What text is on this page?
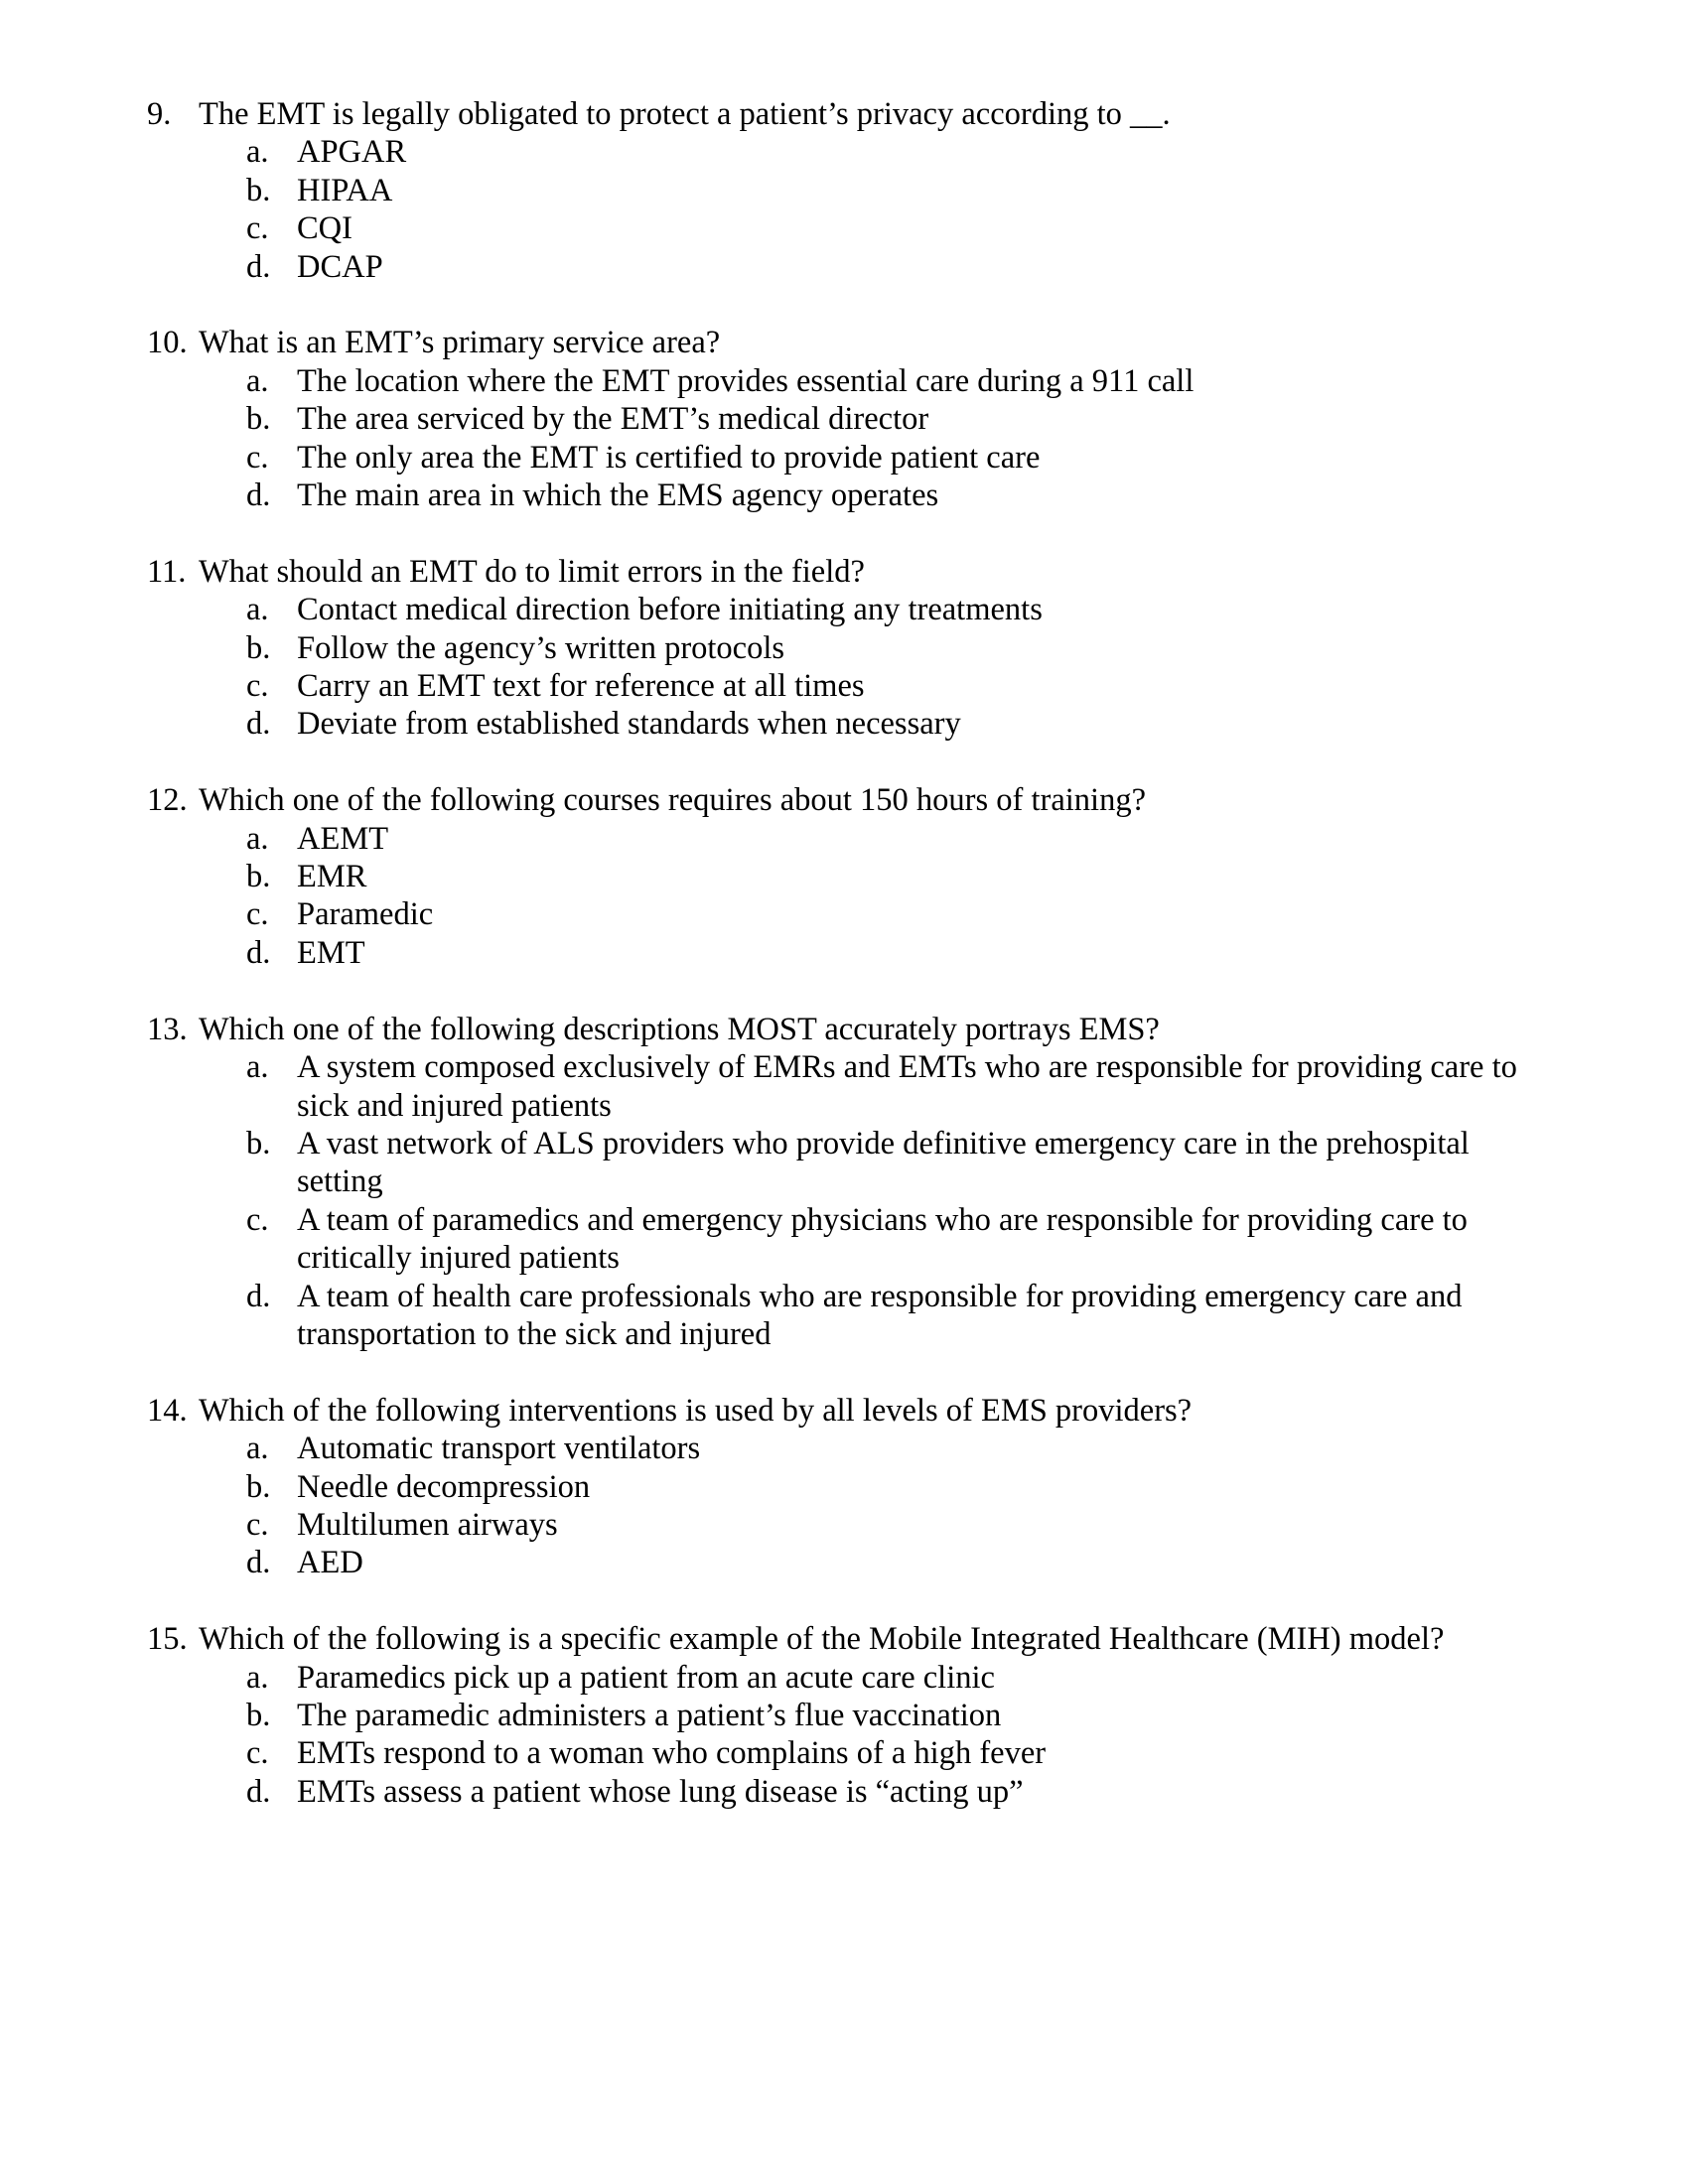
9. The EMT is legally obligated to protect a patient’s privacy according to __.
a. APGAR
b. HIPAA
c. CQI
d. DCAP
10. What is an EMT’s primary service area?
a. The location where the EMT provides essential care during a 911 call
b. The area serviced by the EMT’s medical director
c. The only area the EMT is certified to provide patient care
d. The main area in which the EMS agency operates
11. What should an EMT do to limit errors in the field?
a. Contact medical direction before initiating any treatments
b. Follow the agency’s written protocols
c. Carry an EMT text for reference at all times
d. Deviate from established standards when necessary
12. Which one of the following courses requires about 150 hours of training?
a. AEMT
b. EMR
c. Paramedic
d. EMT
13. Which one of the following descriptions MOST accurately portrays EMS?
a. A system composed exclusively of EMRs and EMTs who are responsible for providing care to sick and injured patients
b. A vast network of ALS providers who provide definitive emergency care in the prehospital setting
c. A team of paramedics and emergency physicians who are responsible for providing care to critically injured patients
d. A team of health care professionals who are responsible for providing emergency care and transportation to the sick and injured
14. Which of the following interventions is used by all levels of EMS providers?
a. Automatic transport ventilators
b. Needle decompression
c. Multilumen airways
d. AED
15. Which of the following is a specific example of the Mobile Integrated Healthcare (MIH) model?
a. Paramedics pick up a patient from an acute care clinic
b. The paramedic administers a patient’s flue vaccination
c. EMTs respond to a woman who complains of a high fever
d. EMTs assess a patient whose lung disease is “acting up”
